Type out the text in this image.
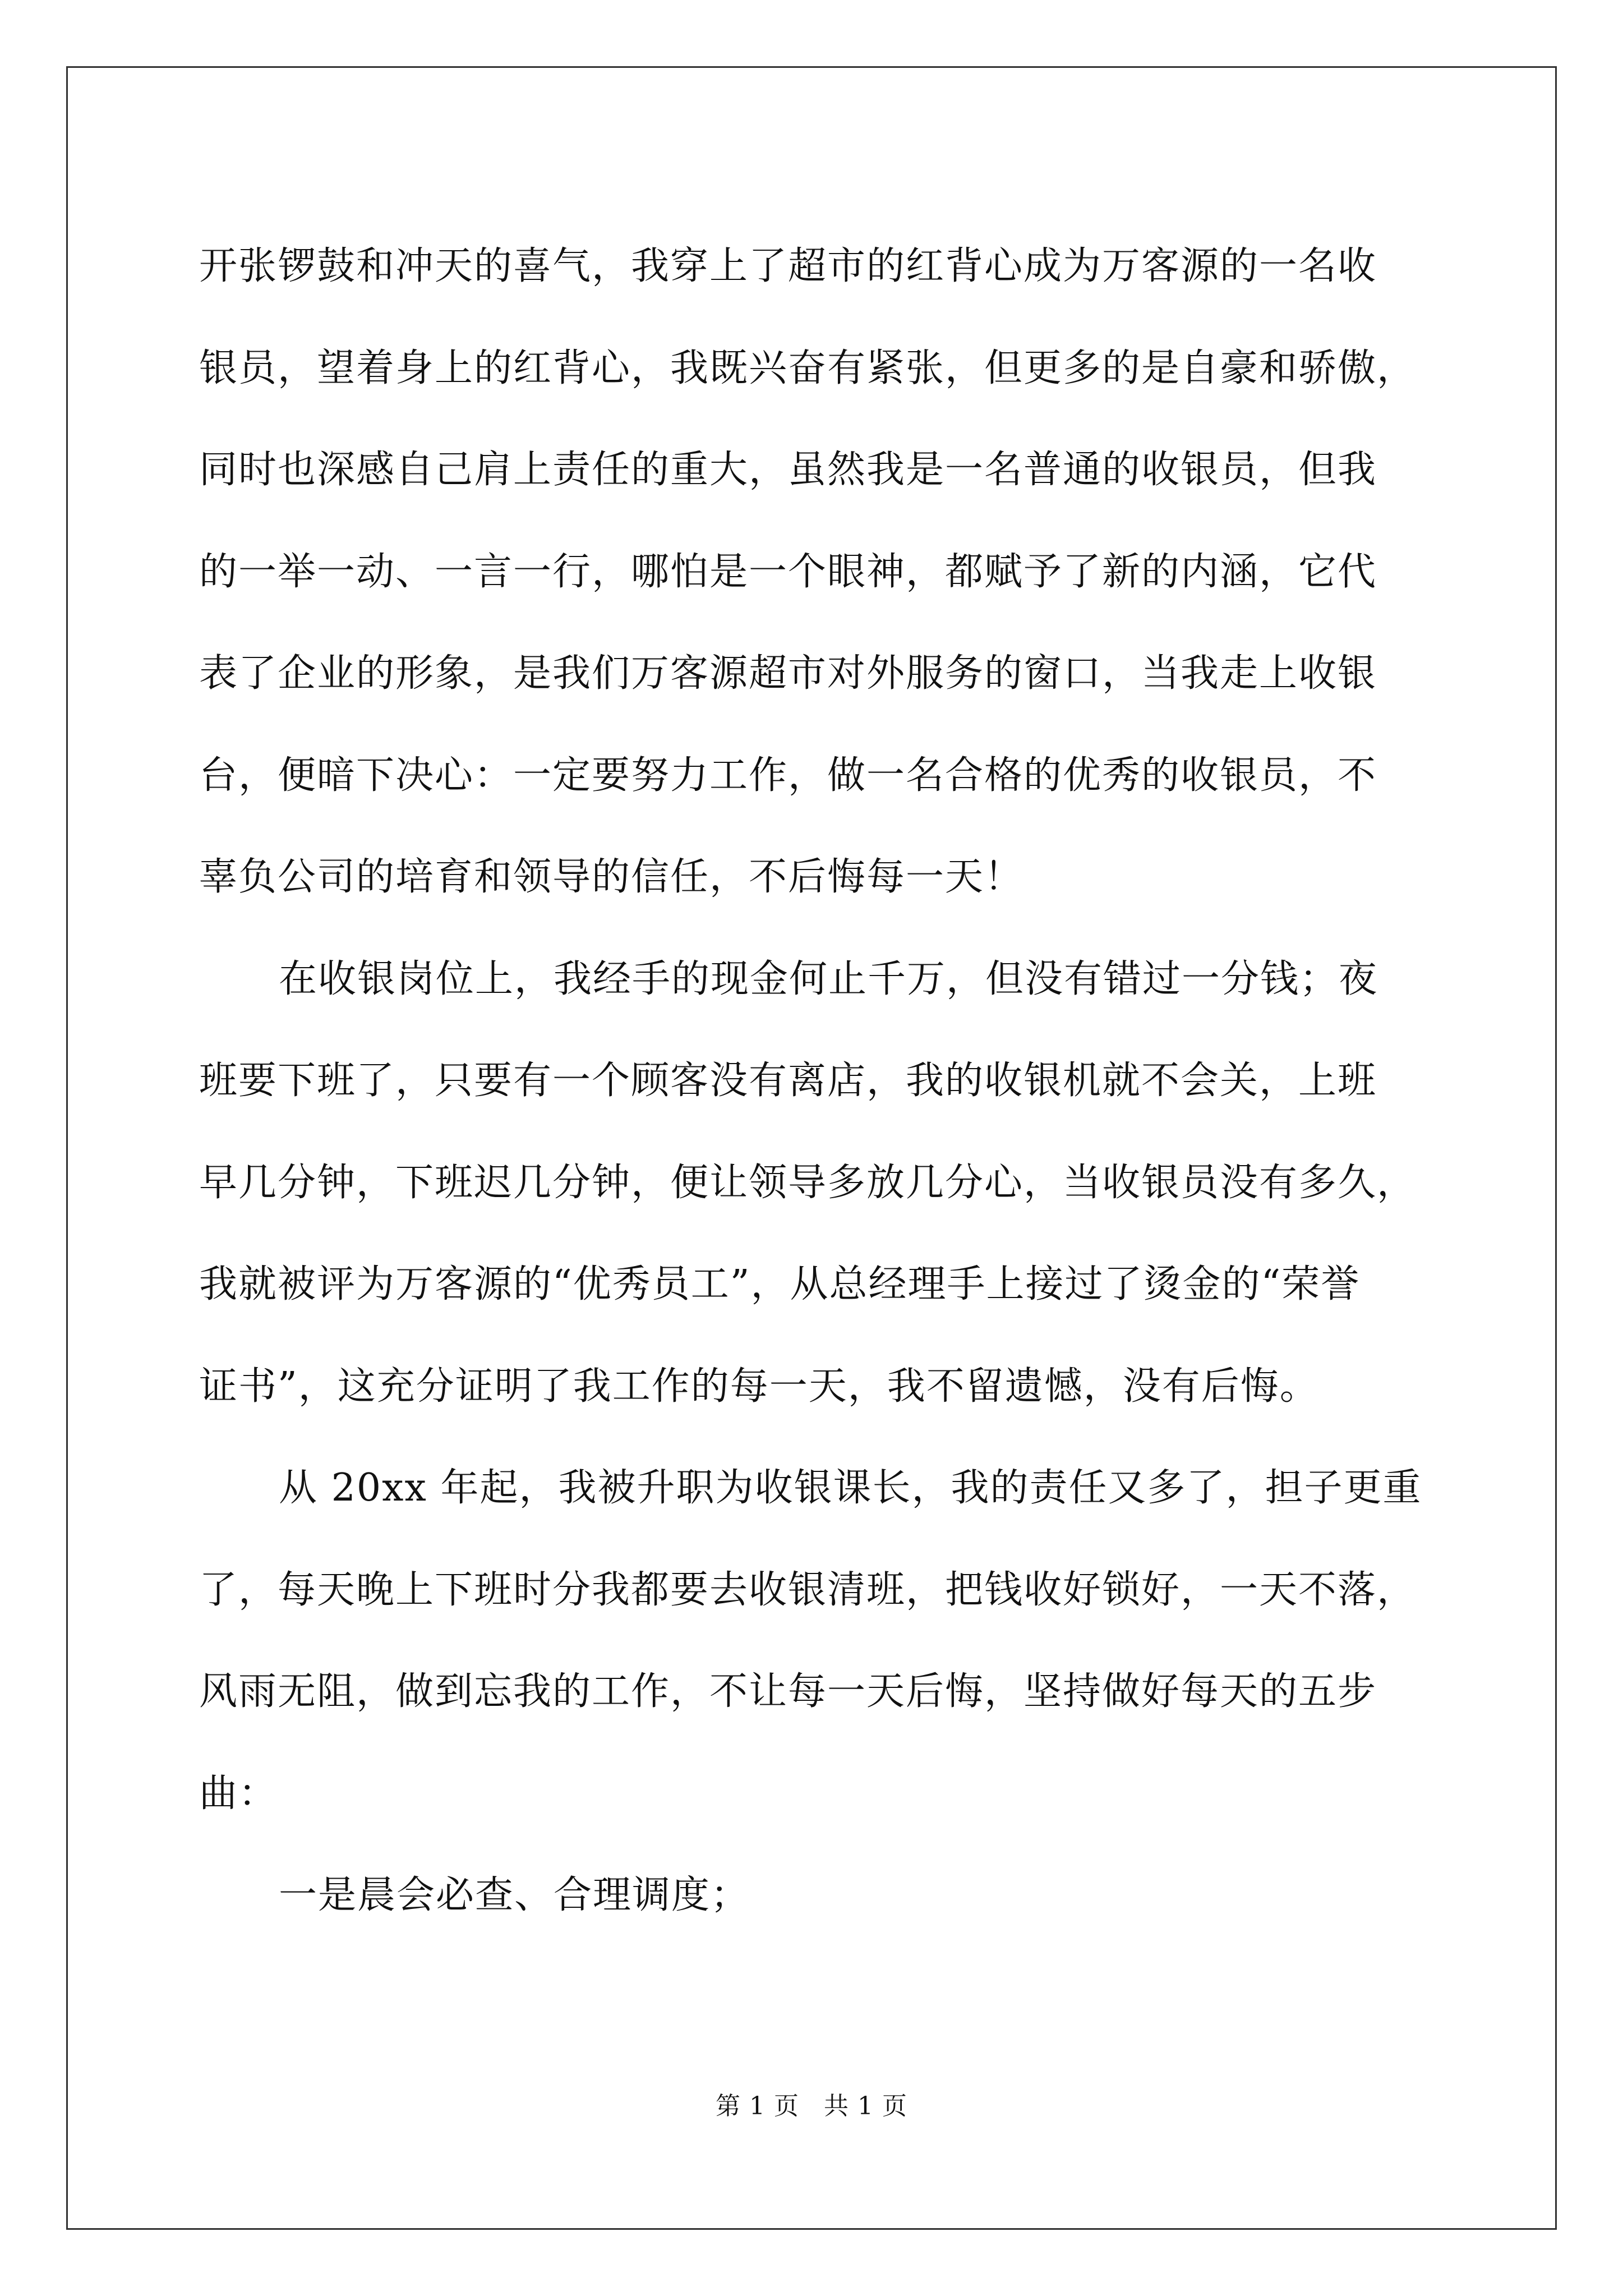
开张锣鼓和冲天的喜气，我穿上了超市的红背心成为万客源的一名收
银员，望着身上的红背心，我既兴奋有紧张，但更多的是自豪和骄傲，
同时也深感自己肩上责任的重大，虽然我是一名普通的收银员，但我
的一举一动、一言一行，哪怕是一个眼神，都赋予了新的内涵，它代
表了企业的形象，是我们万客源超市对外服务的窗口，当我走上收银
台，便暗下决心：一定要努力工作，做一名合格的优秀的收银员，不
辜负公司的培育和领导的信任，不后悔每一天！

在收银岗位上，我经手的现金何止千万，但没有错过一分钱；夜
班要下班了，只要有一个顾客没有离店，我的收银机就不会关，上班
早几分钟，下班迟几分钟，便让领导多放几分心，当收银员没有多久，
我就被评为万客源的“优秀员工”，从总经理手上接过了烫金的“荣誉
证书”，这充分证明了我工作的每一天，我不留遗憾，没有后悔。

从 20xx 年起，我被升职为收银课长，我的责任又多了，担子更重
了，每天晚上下班时分我都要去收银清班，把钱收好锁好，一天不落，
风雨无阻，做到忘我的工作，不让每一天后悔，坚持做好每天的五步
曲：

一是晨会必查、合理调度；

第 1 页 共 1 页
